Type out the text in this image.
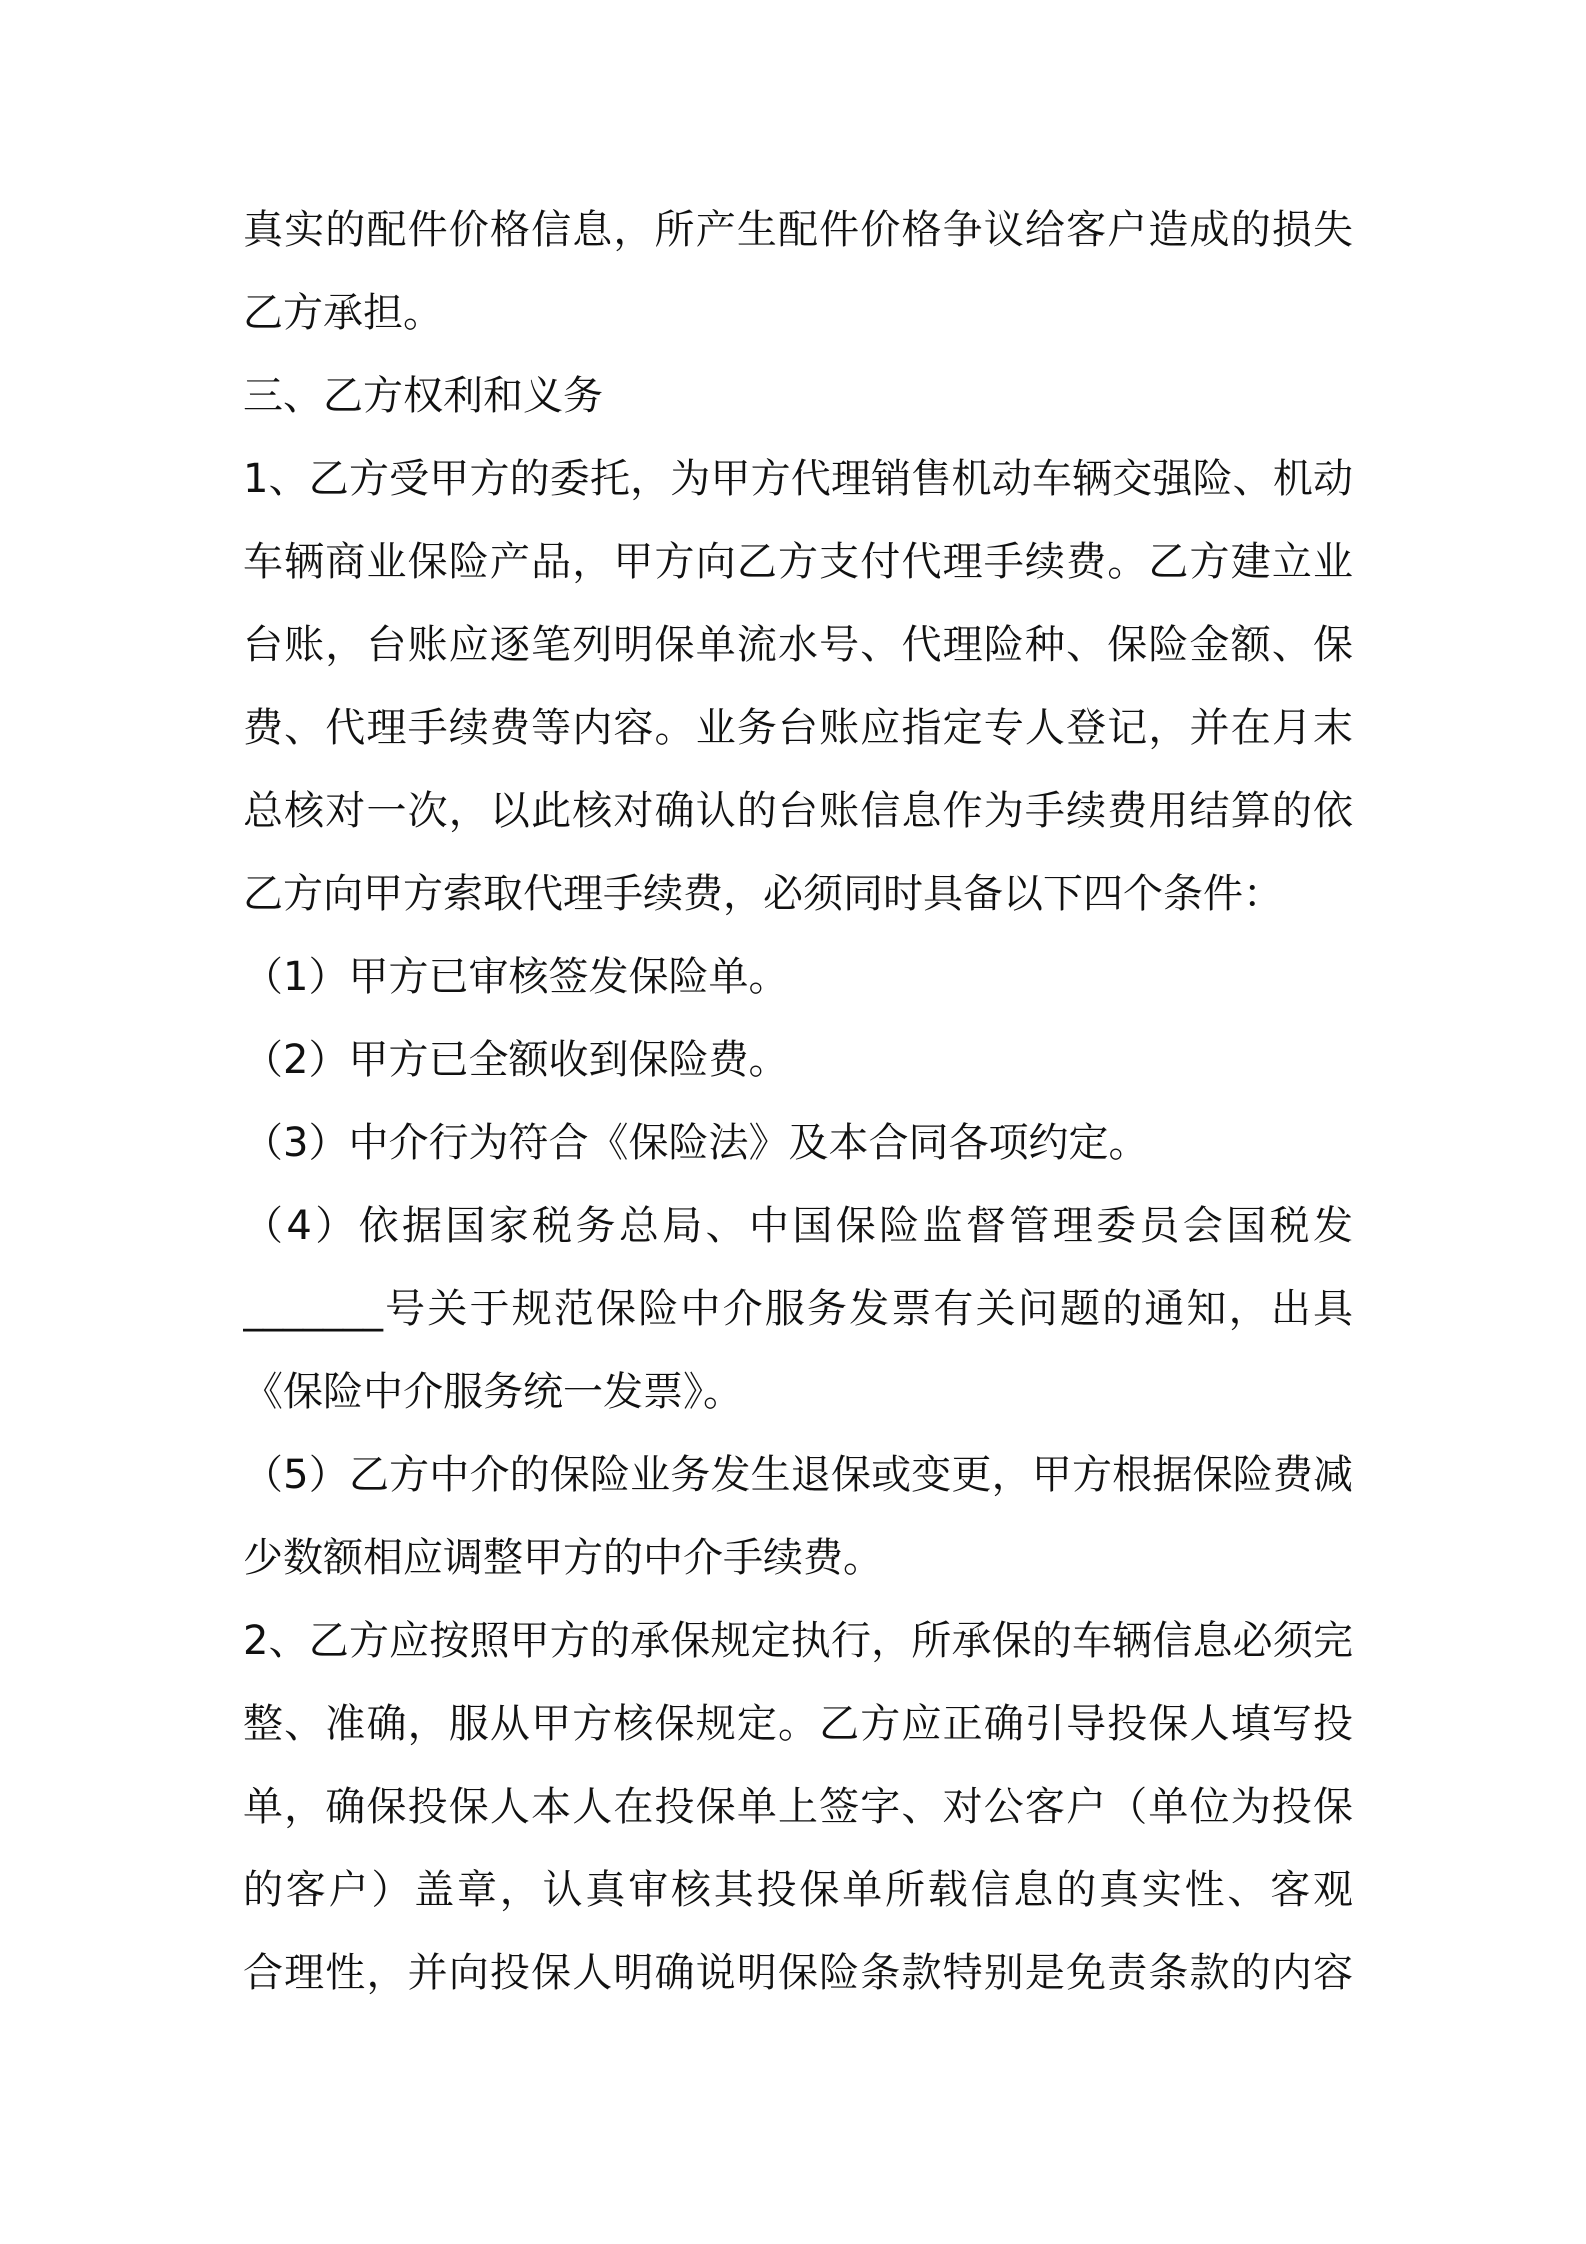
真实的配件价格信息，所产生配件价格争议给客户造成的损失
乙方承担。
三、乙方权利和义务
1、乙方受甲方的委托，为甲方代理销售机动车辆交强险、机动
车辆商业保险产品，甲方向乙方支付代理手续费。乙方建立业
台账，台账应逐笔列明保单流水号、代理险种、保险金额、保
费、代理手续费等内容。业务台账应指定专人登记，并在月末
总核对一次，以此核对确认的台账信息作为手续费用结算的依
乙方向甲方索取代理手续费，必须同时具备以下四个条件：
（1）甲方已审核签发保险单。
（2）甲方已全额收到保险费。
（3）中介行为符合《保险法》及本合同各项约定。
（4）依据国家税务总局、中国保险监督管理委员会国税发
_______号关于规范保险中介服务发票有关问题的通知，出具
《保险中介服务统一发票》。
（5）乙方中介的保险业务发生退保或变更，甲方根据保险费减
少数额相应调整甲方的中介手续费。
2、乙方应按照甲方的承保规定执行，所承保的车辆信息必须完
整、准确，服从甲方核保规定。乙方应正确引导投保人填写投
单，确保投保人本人在投保单上签字、对公客户（单位为投保
的客户）盖章，认真审核其投保单所载信息的真实性、客观
合理性，并向投保人明确说明保险条款特别是免责条款的内容
